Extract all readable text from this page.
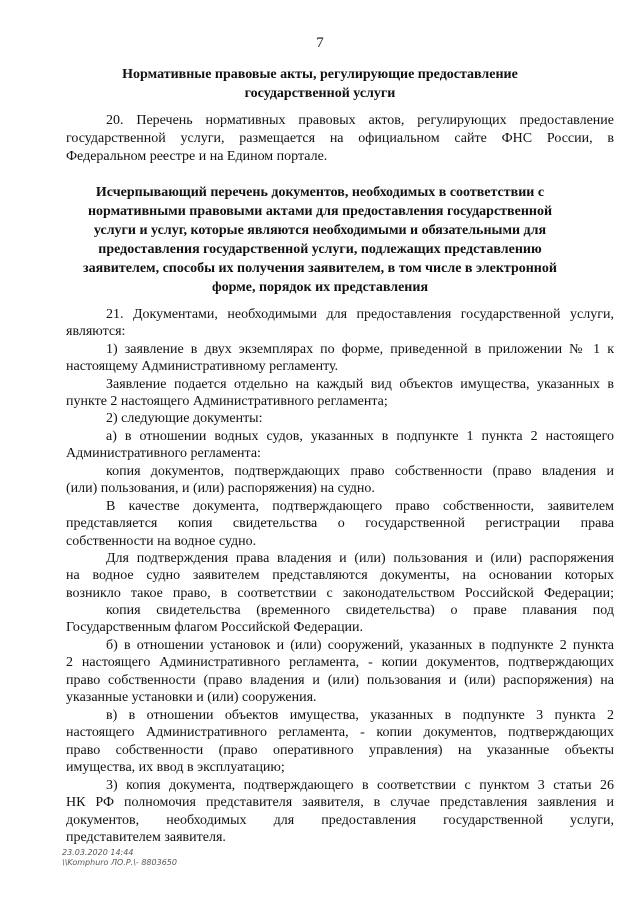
7
Нормативные правовые акты, регулирующие предоставление
государственной услуги
20. Перечень нормативных правовых актов, регулирующих предоставление
государственной услуги, размещается на официальном сайте ФНС России, в
Федеральном реестре и на Едином портале.
Исчерпывающий перечень документов, необходимых в соответствии с
нормативными правовыми актами для предоставления государственной
услуги и услуг, которые являются необходимыми и обязательными для
предоставления государственной услуги, подлежащих представлению
заявителем, способы их получения заявителем, в том числе в электронной
форме, порядок их представления
21. Документами, необходимыми для предоставления государственной услуги,
являются:
1) заявление в двух экземплярах по форме, приведенной в приложении № 1 к
настоящему Административному регламенту.
Заявление подается отдельно на каждый вид объектов имущества, указанных в
пункте 2 настоящего Административного регламента;
2) следующие документы:
а) в отношении водных судов, указанных в подпункте 1 пункта 2 настоящего
Административного регламента:
копия документов, подтверждающих право собственности (право владения и
(или) пользования, и (или) распоряжения) на судно.
В качестве документа, подтверждающего право собственности, заявителем
представляется копия свидетельства о государственной регистрации права
собственности на водное судно.
Для подтверждения права владения и (или) пользования и (или) распоряжения
на водное судно заявителем представляются документы, на основании которых
возникло такое право, в соответствии с законодательством Российской Федерации;
копия свидетельства (временного свидетельства) о праве плавания под
Государственным флагом Российской Федерации.
б) в отношении установок и (или) сооружений, указанных в подпункте 2 пункта
2 настоящего Административного регламента, - копии документов, подтверждающих
право собственности (право владения и (или) пользования и (или) распоряжения) на
указанные установки и (или) сооружения.
в) в отношении объектов имущества, указанных в подпункте 3 пункта 2
настоящего Административного регламента, - копии документов, подтверждающих
право собственности (право оперативного управления) на указанные объекты
имущества, их ввод в эксплуатацию;
3) копия документа, подтверждающего в соответствии с пунктом 3 статьи 26
НК РФ полномочия представителя заявителя, в случае представления заявления и
документов, необходимых для предоставления государственной услуги,
представителем заявителя.
23.03.2020 14:44
\\Komphuro ЛО.Р.\- 8803650
